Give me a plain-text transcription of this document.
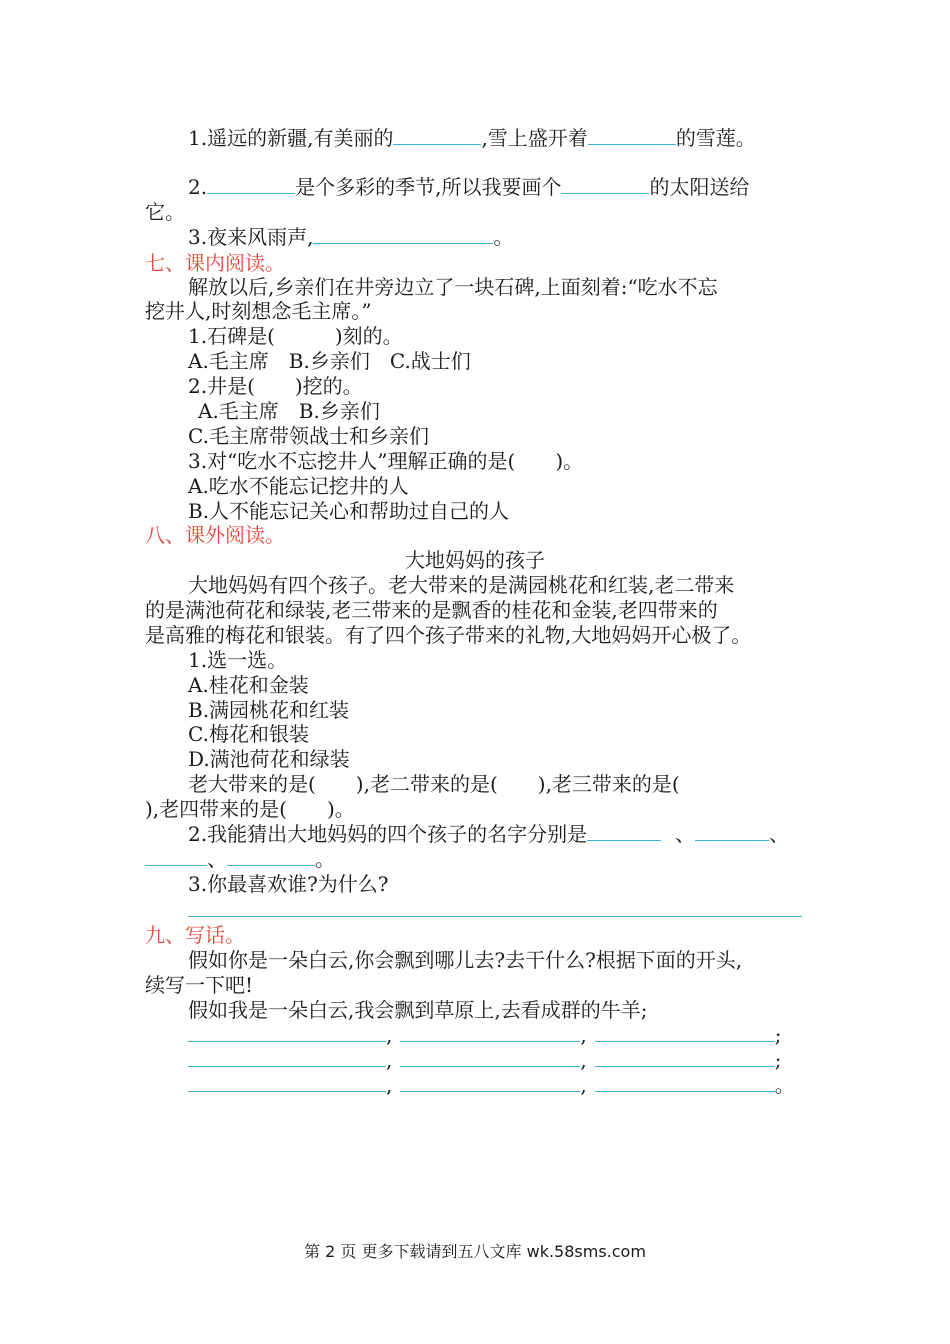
1.遥远的新疆,有美丽的	,雪上盛开着	的雪莲。
2.	是个多彩的季节,所以我要画个	的太阳送给
它。
3.夜来风雨声,	。
七、课内阅读。
解放以后,乡亲们在井旁边立了一块石碑,上面刻着:“吃水不忘
挖井人,时刻想念毛主席。”
1.石碑是(　　　)刻的。
A.毛主席　B.乡亲们　C.战士们
2.井是(　　)挖的。
A.毛主席　B.乡亲们
C.毛主席带领战士和乡亲们
3.对“吃水不忘挖井人”理解正确的是(　　)。
A.吃水不能忘记挖井的人
B.人不能忘记关心和帮助过自己的人
八、课外阅读。
大地妈妈的孩子
大地妈妈有四个孩子。老大带来的是满园桃花和红装,老二带来
的是满池荷花和绿装,老三带来的是飘香的桂花和金装,老四带来的
是高雅的梅花和银装。有了四个孩子带来的礼物,大地妈妈开心极了。
1.选一选。
A.桂花和金装
B.满园桃花和红装
C.梅花和银装
D.满池荷花和绿装
老大带来的是(　　),老二带来的是(　　),老三带来的是(
),老四带来的是(　　)。
2.我能猜出大地妈妈的四个孩子的名字分别是	、	、
、	。
3.你最喜欢谁?为什么?
九、写话。
假如你是一朵白云,你会飘到哪儿去?去干什么?根据下面的开头,
续写一下吧!
假如我是一朵白云,我会飘到草原上,去看成群的牛羊;
,	,	;
,	,	;
,	,	。
第 2 页 更多下载请到五八文库 wk.58sms.com
